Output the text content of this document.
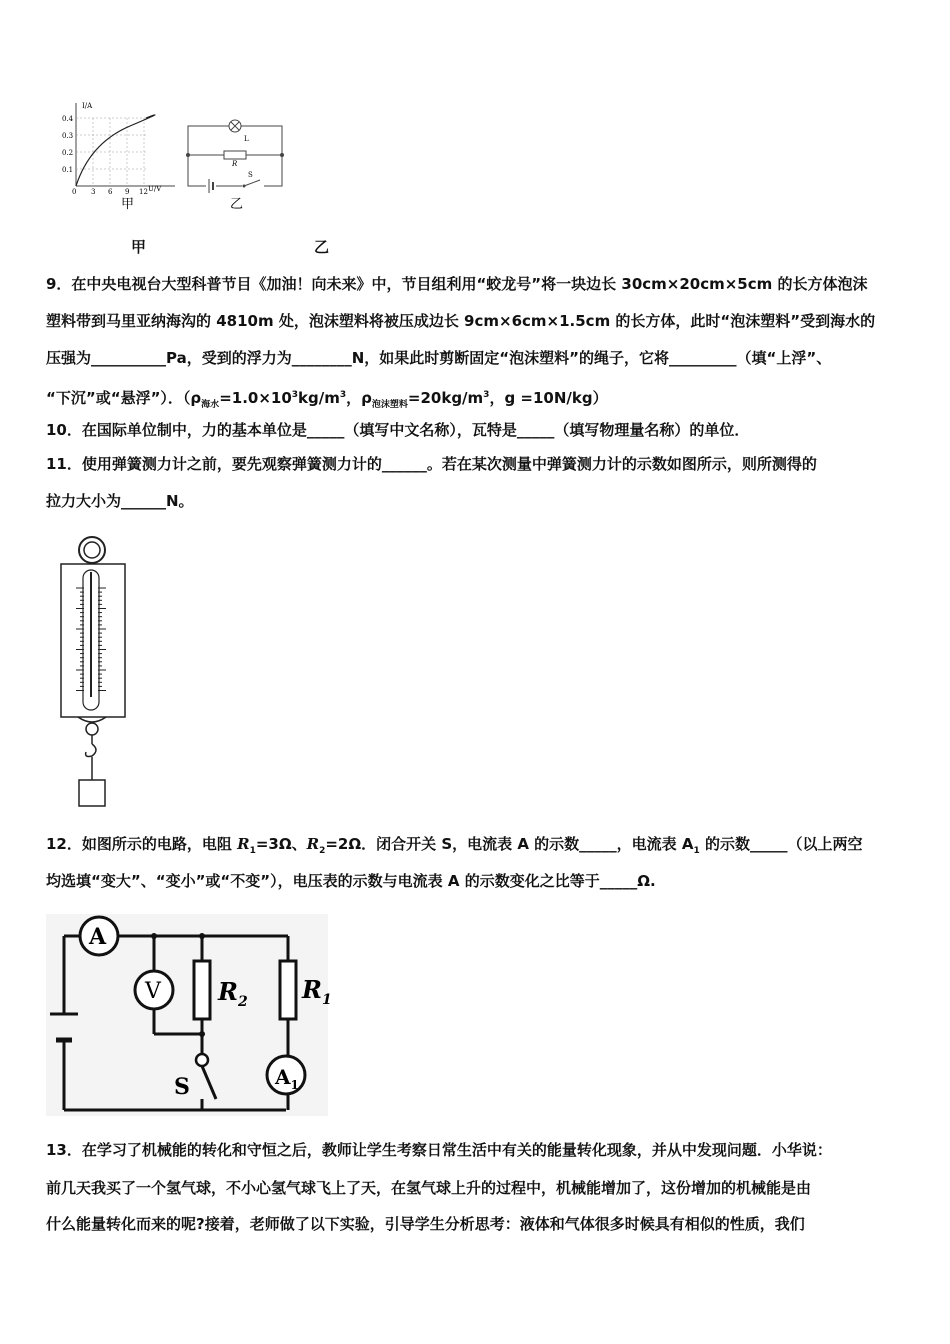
I/A
U/V
0.4
0.3
0.2
0.1
0 3 6 9 12
甲
L
R
S
乙
甲	乙
9．在中央电视台大型科普节目《加油！向未来》中，节目组利用“蛟龙号”将一块边长 30cm×20cm×5cm 的长方体泡沫
塑料带到马里亚纳海沟的 4810m 处，泡沫塑料将被压成边长 9cm×6cm×1.5cm 的长方体，此时“泡沫塑料”受到海水的
压强为__________Pa，受到的浮力为________N，如果此时剪断固定“泡沫塑料”的绳子，它将_________（填“上浮”、
“下沉”或“悬浮”）．（$\rho_{海水}=1.0\times 10^3kg/m^3$，$\rho_{泡沫塑料}=20kg/m^3$，g =10N/kg）
10．在国际单位制中，力的基本单位是_____（填写中文名称），瓦特是_____（填写物理量名称）的单位．
11．使用弹簧测力计之前，要先观察弹簧测力计的______。若在某次测量中弹簧测力计的示数如图所示，则所测得的
拉力大小为______N。
12．如图所示的电路，电阻 $R_1=3\Omega$、$R_2=2\Omega$．闭合开关 S，电流表 A 的示数_____，电流表 $A_1$ 的示数_____（以上两空
均选填“变大”、“变小”或“不变”），电压表的示数与电流表 A 的示数变化之比等于_____Ω.
A
V $R_2$ $R_1$
S	$A_1$
13．在学习了机械能的转化和守恒之后，教师让学生考察日常生活中有关的能量转化现象，并从中发现问题．小华说：
前几天我买了一个氢气球，不小心氢气球飞上了天，在氢气球上升的过程中，机械能增加了，这份增加的机械能是由
什么能量转化而来的呢?接着，老师做了以下实验，引导学生分析思考：液体和气体很多时候具有相似的性质，我们
